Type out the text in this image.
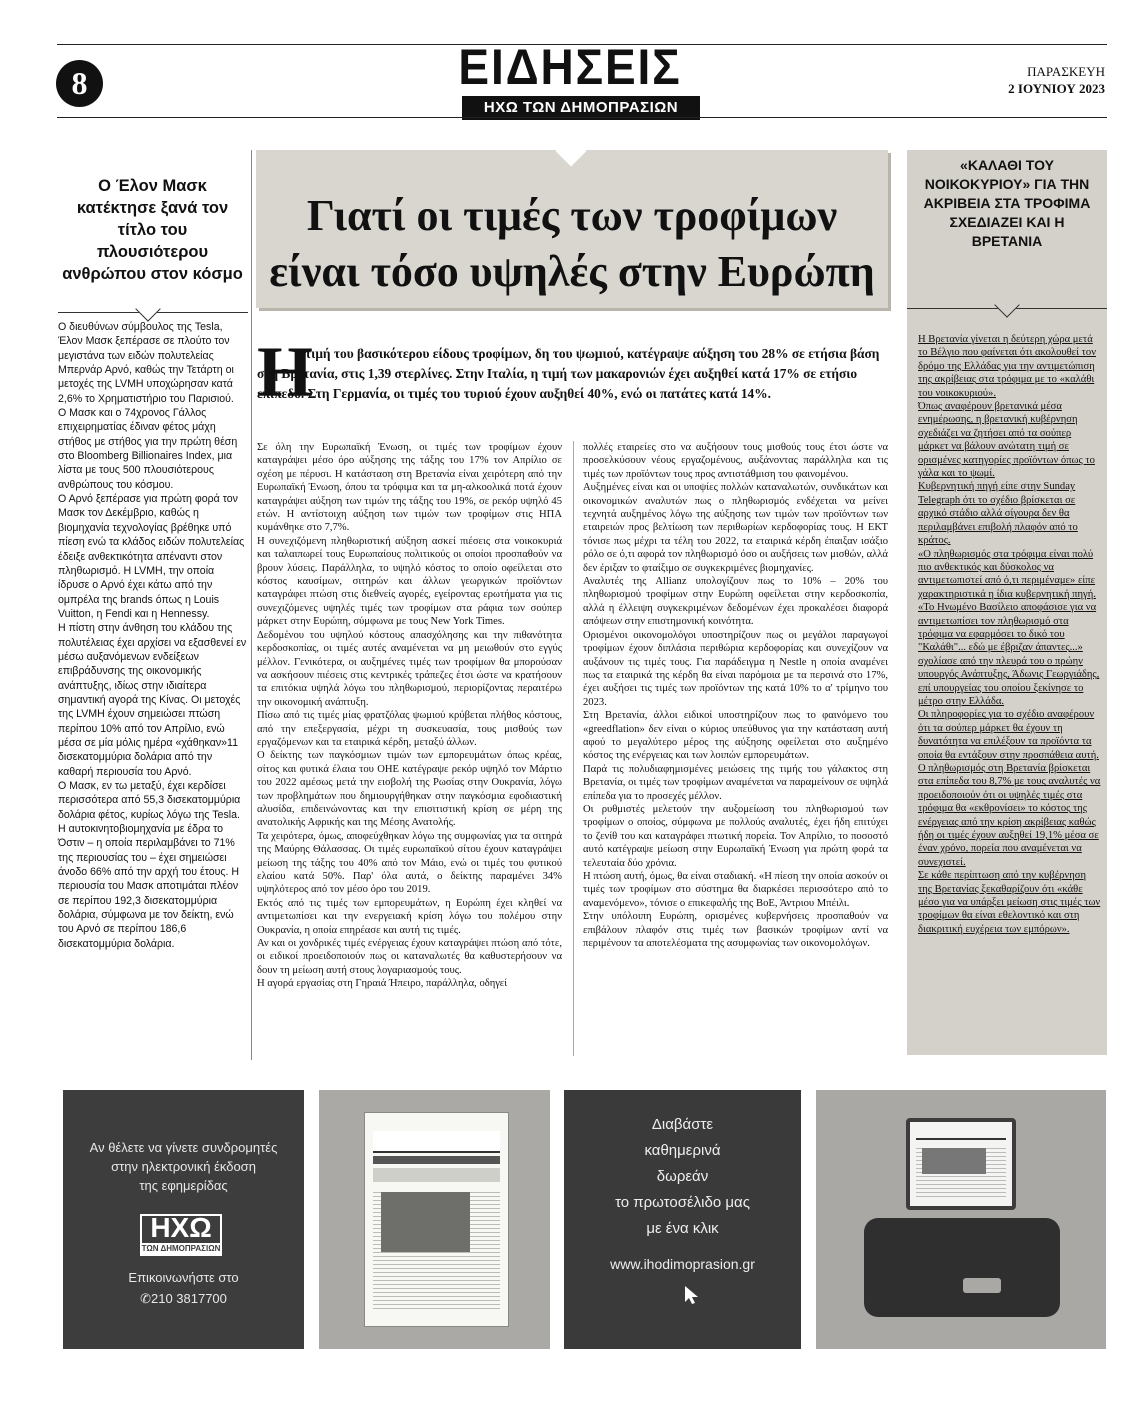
8	ΕΙΔΗΣΕΙΣ
ΗΧΩ ΤΩΝ ΔΗΜΟΠΡΑΣΙΩΝ
ΠΑΡΑΣΚΕΥΗ
2 ΙΟΥΝΙΟΥ 2023
Ο Έλον Μασκ κατέκτησε ξανά τον τίτλο του πλουσιότερου ανθρώπου στον κόσμο

Ο διευθύνων σύμβουλος της Tesla, Έλον Μασκ ξεπέρασε σε πλούτο τον μεγιστάνα των ειδών πολυτελείας Μπερνάρ Αρνό, καθώς την Τετάρτη οι μετοχές της LVMH υποχώρησαν κατά 2,6% το Χρηματιστήριο του Παρισιού.

Ο Μασκ και ο 74χρονος Γάλλος επιχειρηματίας έδιναν φέτος μάχη στήθος με στήθος για την πρώτη θέση στο Bloomberg Billionaires Index, μια λίστα με τους 500 πλουσιότερους ανθρώπους του κόσμου.

Ο Αρνό ξεπέρασε για πρώτη φορά τον Μασκ τον Δεκέμβριο, καθώς η βιομηχανία τεχνολογίας βρέθηκε υπό πίεση ενώ τα κλάδος ειδών πολυτελείας έδειξε ανθεκτικότητα απέναντι στον πληθωρισμό. Η LVMH, την οποία ίδρυσε ο Αρνό έχει κάτω από την ομπρέλα της brands όπως η Louis Vuitton, η Fendi και η Hennessy.

Η πίστη στην άνθηση του κλάδου της πολυτέλειας έχει αρχίσει να εξασθενεί εν μέσω αυξανόμενων ενδείξεων επιβράδυνσης της οικονομικής ανάπτυξης, ιδίως στην ιδιαίτερα σημαντική αγορά της Κίνας. Οι μετοχές της LVMH έχουν σημειώσει πτώση περίπου 10% από τον Απρίλιο, ενώ μέσα σε μία μόλις ημέρα «χάθηκαν»11 δισεκατομμύρια δολάρια από την καθαρή περιουσία του Αρνό.

Ο Μασκ, εν τω μεταξύ, έχει κερδίσει περισσότερα από 55,3 δισεκατομμύρια δολάρια φέτος, κυρίως λόγω της Tesla. Η αυτοκινητοβιομηχανία με έδρα το Όστιν – η οποία περιλαμβάνει το 71% της περιουσίας του – έχει σημειώσει άνοδο 66% από την αρχή του έτους. Η περιουσία του Μασκ αποτιμάται πλέον σε περίπου 192,3 δισεκατομμύρια δολάρια, σύμφωνα με τον δείκτη, ενώ του Αρνό σε περίπου 186,6 δισεκατομμύρια δολάρια.

Γιατί οι τιμές των τροφίμων
είναι τόσο υψηλές στην Ευρώπη
Η
τιμή του βασικότερου είδους τροφίμων, δη του ψωμιού, κατέγραψε αύξηση του 28% σε ετήσια βάση στη Βρετανία, στις 1,39 στερλίνες. Στην Ιταλία, η τιμή των μακαρονιών έχει αυξηθεί κατά 17% σε ετήσιο επίπεδο. Στη Γερμανία, οι τιμές του τυριού έχουν αυξηθεί 40%, ενώ οι πατάτες κατά 14%.

Σε όλη την Ευρωπαϊκή Ένωση, οι τιμές των τροφίμων έχουν καταγράψει μέσο όρο αύξησης της τάξης του 17% τον Απρίλιο σε σχέση με πέρυσι. Η κατάσταση στη Βρετανία είναι χειρότερη από την Ευρωπαϊκή Ένωση, όπου τα τρόφιμα και τα μη-αλκοολικά ποτά έχουν καταγράψει αύξηση των τιμών της τάξης του 19%, σε ρεκόρ υψηλό 45 ετών. Η αντίστοιχη αύξηση των τιμών των τροφίμων στις ΗΠΑ κυμάνθηκε στο 7,7%.

Η συνεχιζόμενη πληθωριστική αύξηση ασκεί πιέσεις στα νοικοκυριά και ταλαιπωρεί τους Ευρωπαίους πολιτικούς οι οποίοι προσπαθούν να βρουν λύσεις. Παράλληλα, το υψηλό κόστος το οποίο οφείλεται στο κόστος καυσίμων, σιτηρών και άλλων γεωργικών προϊόντων καταγράφει πτώση στις διεθνείς αγορές, εγείροντας ερωτήματα για τις συνεχιζόμενες υψηλές τιμές των τροφίμων στα ράφια των σούπερ μάρκετ στην Ευρώπη, σύμφωνα με τους New York Times.

Δεδομένου του υψηλού κόστους απασχόλησης και την πιθανότητα κερδοσκοπίας, οι τιμές αυτές αναμένεται να μη μειωθούν στο εγγύς μέλλον. Γενικότερα, οι αυξημένες τιμές των τροφίμων θα μπορούσαν να ασκήσουν πιέσεις στις κεντρικές τράπεζες έτσι ώστε να κρατήσουν τα επιτόκια υψηλά λόγω του πληθωρισμού, περιορίζοντας περαιτέρω την οικονομική ανάπτυξη.

Πίσω από τις τιμές μίας φρατζόλας ψωμιού κρύβεται πλήθος κόστους, από την επεξεργασία, μέχρι τη συσκευασία, τους μισθούς των εργαζόμενων και τα εταιρικά κέρδη, μεταξύ άλλων.

Ο δείκτης των παγκόσμιων τιμών των εμπορευμάτων όπως κρέας, σίτος και φυτικά έλαια του ΟΗΕ κατέγραψε ρεκόρ υψηλό τον Μάρτιο του 2022 αμέσως μετά την εισβολή της Ρωσίας στην Ουκρανία, λόγω των προβλημάτων που δημιουργήθηκαν στην παγκόσμια εφοδιαστική αλυσίδα, επιδεινώνοντας και την επισιτιστική κρίση σε μέρη της ανατολικής Αφρικής και της Μέσης Ανατολής.

Τα χειρότερα, όμως, αποφεύχθηκαν λόγω της συμφωνίας για τα σιτηρά της Μαύρης Θάλασσας. Οι τιμές ευρωπαϊκού σίτου έχουν καταγράψει μείωση της τάξης του 40% από τον Μάιο, ενώ οι τιμές του φυτικού ελαίου κατά 50%. Παρ' όλα αυτά, ο δείκτης παραμένει 34% υψηλότερος από τον μέσο όρο του 2019.

Εκτός από τις τιμές των εμπορευμάτων, η Ευρώπη έχει κληθεί να αντιμετωπίσει και την ενεργειακή κρίση λόγω του πολέμου στην Ουκρανία, η οποία επηρέασε και αυτή τις τιμές.

Αν και οι χονδρικές τιμές ενέργειας έχουν καταγράψει πτώση από τότε, οι ειδικοί προειδοποιούν πως οι καταναλωτές θα καθυστερήσουν να δουν τη μείωση αυτή στους λογαριασμούς τους.

Η αγορά εργασίας στη Γηραιά Ήπειρο, παράλληλα, οδηγεί

πολλές εταιρείες στο να αυξήσουν τους μισθούς τους έτσι ώστε να προσελκύσουν νέους εργαζομένους, αυξάνοντας παράλληλα και τις τιμές των προϊόντων τους προς αντιστάθμιση του φαινομένου.

Αυξημένες είναι και οι υποψίες πολλών καταναλωτών, συνδικάτων και οικονομικών αναλυτών πως ο πληθωρισμός ενδέχεται να μείνει τεχνητά αυξημένος λόγω της αύξησης των τιμών των προϊόντων των εταιρειών προς βελτίωση των περιθωρίων κερδοφορίας τους. Η ΕΚΤ τόνισε πως μέχρι τα τέλη του 2022, τα εταιρικά κέρδη έπαιξαν ισάξιο ρόλο σε ό,τι αφορά τον πληθωρισμό όσο οι αυξήσεις των μισθών, αλλά δεν έριξαν το φταίξιμο σε συγκεκριμένες βιομηχανίες.

Αναλυτές της Allianz υπολογίζουν πως το 10% – 20% του πληθωρισμού τροφίμων στην Ευρώπη οφείλεται στην κερδοσκοπία, αλλά η έλλειψη συγκεκριμένων δεδομένων έχει προκαλέσει διαφορά απόψεων στην επιστημονική κοινότητα.

Ορισμένοι οικονομολόγοι υποστηρίζουν πως οι μεγάλοι παραγωγοί τροφίμων έχουν διπλάσια περιθώρια κερδοφορίας και συνεχίζουν να αυξάνουν τις τιμές τους. Για παράδειγμα η Nestle η οποία αναμένει πως τα εταιρικά της κέρδη θα είναι παρόμοια με τα περσινά στο 17%, έχει αυξήσει τις τιμές των προϊόντων της κατά 10% το α' τρίμηνο του 2023.

Στη Βρετανία, άλλοι ειδικοί υποστηρίζουν πως το φαινόμενο του «greedflation» δεν είναι ο κύριος υπεύθυνος για την κατάσταση αυτή αφού το μεγαλύτερο μέρος της αύξησης οφείλεται στο αυξημένο κόστος της ενέργειας και των λοιπών εμπορευμάτων.

Παρά τις πολυδιαφημισμένες μειώσεις της τιμής του γάλακτος στη Βρετανία, οι τιμές των τροφίμων αναμένεται να παραμείνουν σε υψηλά επίπεδα για το προσεχές μέλλον.

Οι ρυθμιστές μελετούν την αυξομείωση του πληθωρισμού των τροφίμων ο οποίος, σύμφωνα με πολλούς αναλυτές, έχει ήδη επιτύχει το ζενίθ του και καταγράφει πτωτική πορεία. Τον Απρίλιο, το ποσοστό αυτό κατέγραψε μείωση στην Ευρωπαϊκή Ένωση για πρώτη φορά τα τελευταία δύο χρόνια.

Η πτώση αυτή, όμως, θα είναι σταδιακή. «Η πίεση την οποία ασκούν οι τιμές των τροφίμων στο σύστημα θα διαρκέσει περισσότερο από το αναμενόμενο», τόνισε ο επικεφαλής της ΒοΕ, Άντριου Μπέιλι.

Στην υπόλοιπη Ευρώπη, ορισμένες κυβερνήσεις προσπαθούν να επιβάλουν πλαφόν στις τιμές των βασικών τροφίμων αντί να περιμένουν τα αποτελέσματα της ασυμφωνίας των οικονομολόγων.

«ΚΑΛΑΘΙ ΤΟΥ ΝΟΙΚΟΚΥΡΙΟΥ» ΓΙΑ ΤΗΝ ΑΚΡΙΒΕΙΑ ΣΤΑ ΤΡΟΦΙΜΑ ΣΧΕΔΙΑΖΕΙ ΚΑΙ Η ΒΡΕΤΑΝΙΑ

Η Βρετανία γίνεται η δεύτερη χώρα μετά το Βέλγιο που φαίνεται ότι ακολουθεί τον δρόμο της Ελλάδας για την αντιμετώπιση της ακρίβειας στα τρόφιμα με το «καλάθι του νοικοκυριού».

Όπως αναφέρουν βρετανικά μέσα ενημέρωσης, η βρετανική κυβέρνηση σχεδιάζει να ζητήσει από τα σούπερ μάρκετ να βάλουν ανώτατη τιμή σε ορισμένες κατηγορίες προϊόντων όπως το γάλα και το ψωμί.

Κυβερνητική πηγή είπε στην Sunday Telegraph ότι το σχέδιο βρίσκεται σε αρχικό στάδιο αλλά σίγουρα δεν θα περιλαμβάνει επιβολή πλαφόν από το κράτος.

«Ο πληθωρισμός στα τρόφιμα είναι πολύ πιο ανθεκτικός και δύσκολος να αντιμετωπιστεί από ό,τι περιμέναμε» είπε χαρακτηριστικά η ίδια κυβερνητική πηγή.

«Το Ηνωμένο Βασίλειο αποφάσισε για να αντιμετωπίσει τον πληθωρισμό στα τρόφιμα να εφαρμόσει το δικό του "Καλάθι"... εδώ με έβριζαν άπαντες...» σχολίασε από την πλευρά του ο πρώην υπουργός Ανάπτυξης, Άδωνις Γεωργιάδης, επί υπουργείας του οποίου ξεκίνησε το μέτρο στην Ελλάδα.

Οι πληροφορίες για το σχέδιο αναφέρουν ότι τα σούπερ μάρκετ θα έχουν τη δυνατότητα να επιλέξουν τα προϊόντα τα οποία θα εντάξουν στην προσπάθεια αυτή.

Ο πληθωρισμός στη Βρετανία βρίσκεται στα επίπεδα του 8,7% με τους αναλυτές να προειδοποιούν ότι οι υψηλές τιμές στα τρόφιμα θα «εκθρονίσει» το κόστος της ενέργειας από την κρίση ακρίβειας καθώς ήδη οι τιμές έχουν αυξηθεί 19,1% μέσα σε έναν χρόνο, πορεία που αναμένεται να συνεχιστεί.

Σε κάθε περίπτωση από την κυβέρνηση της Βρετανίας ξεκαθαρίζουν ότι «κάθε μέσο για να υπάρξει μείωση στις τιμές των τροφίμων θα είναι εθελοντικό και στη διακριτική ευχέρεια των εμπόρων».

Αν θέλετε να γίνετε συνδρομητές
στην ηλεκτρονική έκδοση
της εφημερίδας
ΗΧΩ
ΤΩΝ ΔΗΜΟΠΡΑΣΙΩΝ
Επικοινωνήστε στο
✆210 3817700
Διαβάστε
καθημερινά
δωρεάν
το πρωτοσέλιδο μας
με ένα κλικ
www.ihodimoprasion.gr
